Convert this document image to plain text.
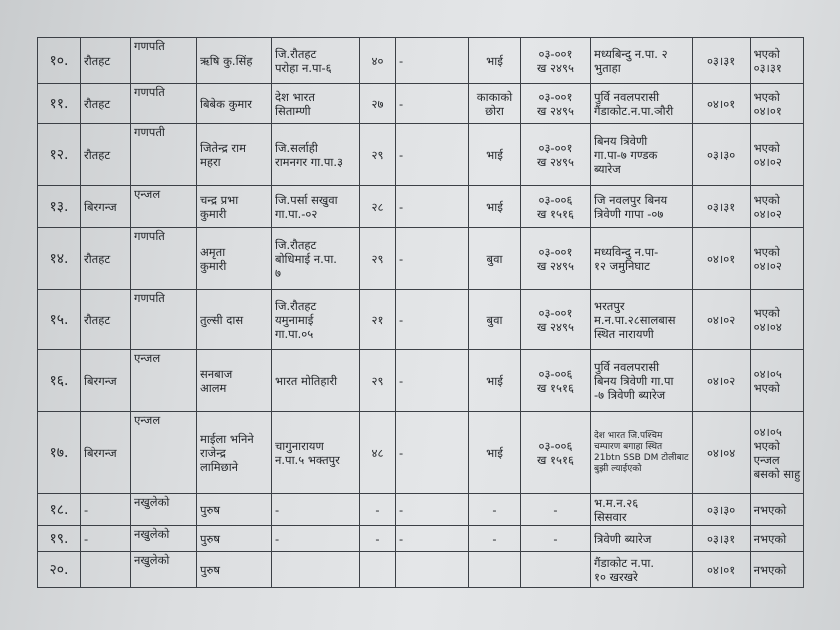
१०.	रौतहट	गणपति	ऋषि कु.सिंह	जि.रौतहट
परोहा न.पा-६	४०	-	भाई	०३-००१
ख २४९५	मध्यबिन्दु न.पा. २
भुताहा	०३।३१	भएको
०३।३१

११.	रौतहट	गणपति	बिबेक कुमार	देश भारत
सिताम्णी	२७	-	काकाको छोरा	०३-००१
ख २४९५	पुर्वि नवलपरासी
गैंडाकोट.न.पा.ञौरी	०४।०१	भएको
०४।०१

१२.	रौतहट	गणपती	जितेन्द्र राम
महरा	जि.सर्लाही
रामनगर गा.पा.३	२९	-	भाई	०३-००१
ख २४९५	बिनय त्रिवेणी
गा.पा-७ गण्डक
ब्यारेज	०३।३०	भएको
०४।०२

१३.	बिरगन्ज	एन्जल	चन्द्र प्रभा
कुमारी	जि.पर्सा सखुवा
गा.पा.-०२	२८	-	भाई	०३-००६
ख १५१६	जि नवलपुर बिनय
त्रिवेणी गापा -०७	०३।३१	भएको
०४।०२

१४.	रौतहट	गणपति	अमृता
कुमारी	जि.रौतहट
बोधिमाई न.पा.
७	२९	-	बुवा	०३-००१
ख २४९५	मध्यविन्दु न.पा-
१२ जमुनिघाट	०४।०१	भएको
०४।०२

१५.	रौतहट	गणपति	तुल्सी दास	जि.रौतहट
यमुनामाई
गा.पा.०५	२१	-	बुवा	०३-००१
ख २४९५	भरतपुर
म.न.पा.२८सालबास
स्थित नारायणी	०४।०२	भएको
०४।०४

१६.	बिरगन्ज	एन्जल	सनबाज
आलम	भारत मोतिहारी	२९	-	भाई	०३-००६
ख १५१६	पुर्वि नवलपरासी
बिनय त्रिवेणी गा.पा
-७ त्रिवेणी ब्यारेज	०४।०२	०४।०५
भएको

१७.	बिरगन्ज	एन्जल	माईला भनिने
राजेन्द्र
लामिछाने	चागुनारायण
न.पा.५ भक्तपुर	४८	-	भाई	०३-००६
ख १५१६	देश भारत जि.पश्चिम
चम्पारण बगाहा स्थित
21btn SSB DM टोलीबाट
बुझी ल्याईएको	०४।०४	०४।०५
भएको
एन्जल
बसको साहु

१८.	-	नखुलेको	पुरुष	-	-	-	-	-	भ.म.न.२६
सिसवार	०३।३०	नभएको

१९.	-	नखुलेको	पुरुष	-	-	-	-	-	त्रिवेणी ब्यारेज	०३।३१	नभएको

२०.		नखुलेको	पुरुष						गैंडाकोट न.पा.
१० खरखरे	०४।०१	नभएको
